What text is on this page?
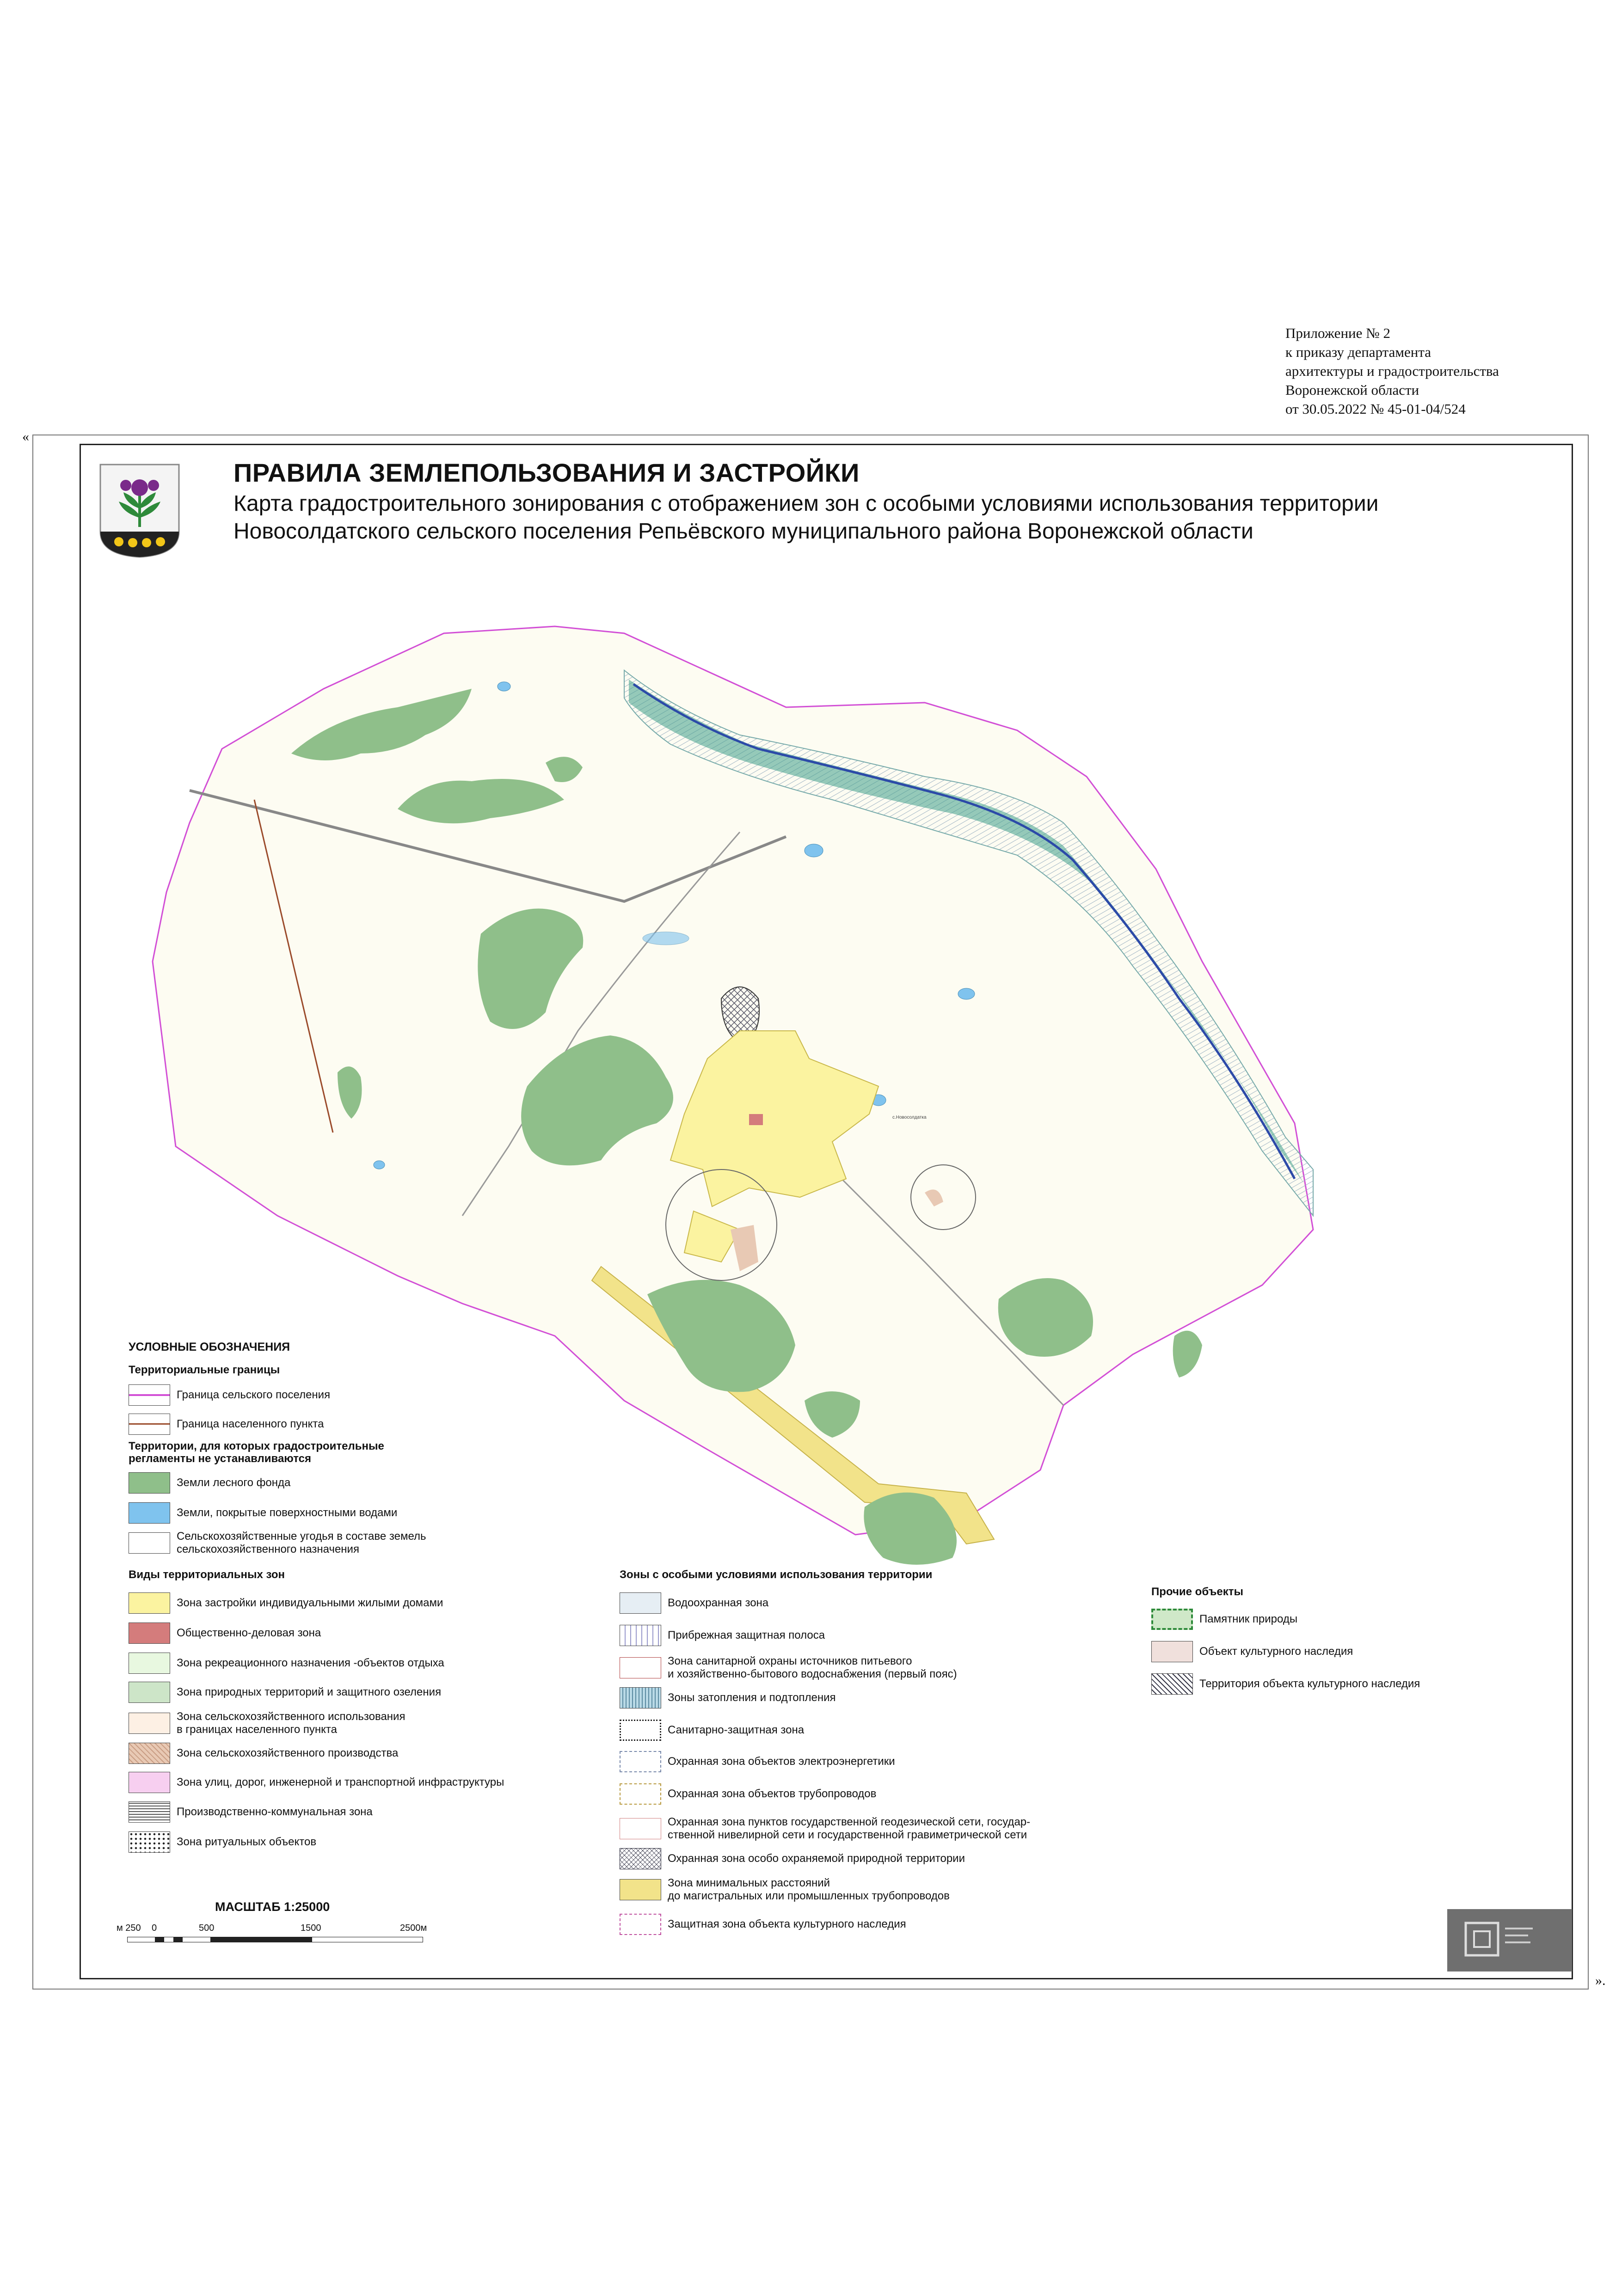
Приложение № 2
к приказу департамента
архитектуры и градостроительства
Воронежской области
от 30.05.2022 № 45-01-04/524
«
».
ПРАВИЛА ЗЕМЛЕПОЛЬЗОВАНИЯ И ЗАСТРОЙКИ
Карта градостроительного зонирования с отображением зон с особыми условиями использования территории
Новосолдатского сельского поселения Репьёвского муниципального района Воронежской области
с.Новосолдатка
УСЛОВНЫЕ ОБОЗНАЧЕНИЯ
Территориальные границы
Граница сельского поселения
Граница населенного пункта
Территории, для которых градостроительные
регламенты не устанавливаются
Земли лесного фонда
Земли, покрытые поверхностными водами
Сельскохозяйственные угодья в составе земель
сельскохозяйственного назначения
Виды территориальных зон
Зона застройки индивидуальными жилыми домами
Общественно-деловая зона
Зона рекреационного назначения -объектов отдыха
Зона природных территорий и защитного озеления
Зона сельскохозяйственного использования
в границах населенного пункта
Зона сельскохозяйственного производства
Зона улиц, дорог, инженерной и транспортной инфраструктуры
Производственно-коммунальная зона
Зона ритуальных объектов
Зоны с особыми условиями использования территории
Водоохранная зона
Прибрежная защитная полоса
Зона санитарной охраны источников питьевого
и хозяйственно-бытового водоснабжения (первый пояс)
Зоны затопления и подтопления
Санитарно-защитная зона
Охранная зона объектов электроэнергетики
Охранная зона объектов трубопроводов
Охранная зона пунктов государственной геодезической сети, государ-
ственной нивелирной сети и государственной гравиметрической сети
Охранная зона особо охраняемой природной территории
Зона минимальных расстояний
до магистральных или промышленных трубопроводов
Защитная зона объекта культурного наследия
Прочие объекты
Памятник природы
Объект культурного наследия
Территория объекта культурного наследия
МАСШТАБ 1:25000
м 250 0	500	1500	2500м
